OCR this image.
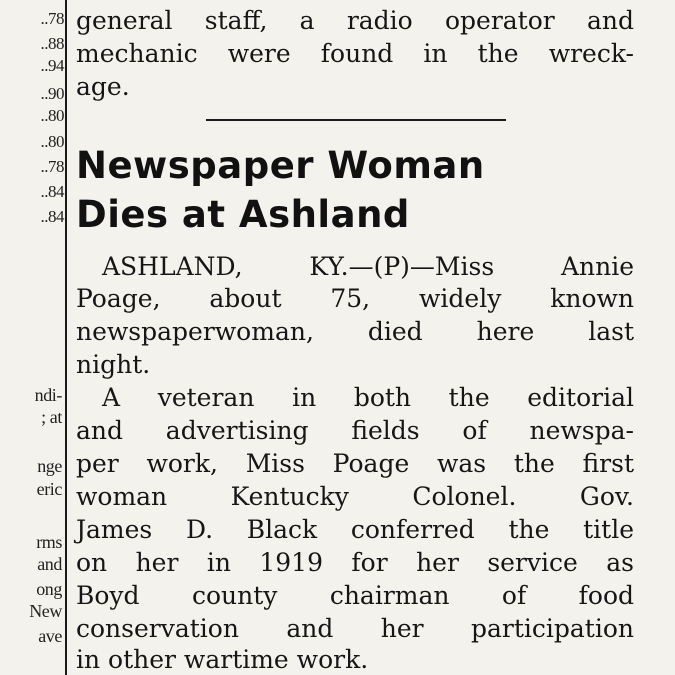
..78
..88
..94
..90
..80
..80
..78
..84
..84
ndi-
; at
nge
eric
rms
and
ong
New
ave
general staff, a radio operator and
mechanic were found in the wreck-
age.
Newspaper Woman
Dies at Ashland
ASHLAND, KY.—(P)—Miss Annie
Poage, about 75, widely known
newspaperwoman, died here last
night.
A veteran in both the editorial
and advertising fields of newspa-
per work, Miss Poage was the first
woman Kentucky Colonel. Gov.
James D. Black conferred the title
on her in 1919 for her service as
Boyd county chairman of food
conservation and her participation
in other wartime work.
